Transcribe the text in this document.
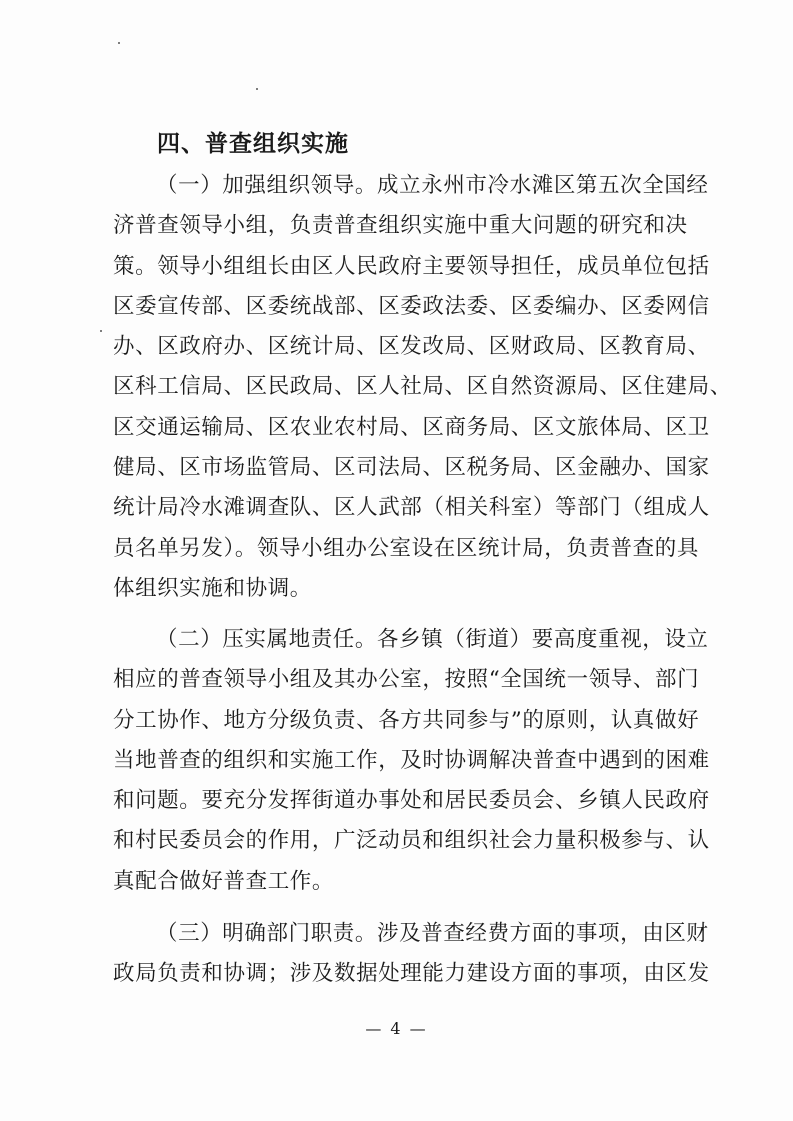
四、普查组织实施
（一）加强组织领导。成立永州市冷水滩区第五次全国经
济普查领导小组，负责普查组织实施中重大问题的研究和决
策。领导小组组长由区人民政府主要领导担任，成员单位包括
区委宣传部、区委统战部、区委政法委、区委编办、区委网信
办、区政府办、区统计局、区发改局、区财政局、区教育局、
区科工信局、区民政局、区人社局、区自然资源局、区住建局、
区交通运输局、区农业农村局、区商务局、区文旅体局、区卫
健局、区市场监管局、区司法局、区税务局、区金融办、国家
统计局冷水滩调查队、区人武部（相关科室）等部门（组成人
员名单另发）。领导小组办公室设在区统计局，负责普查的具
体组织实施和协调。
（二）压实属地责任。各乡镇（街道）要高度重视，设立
相应的普查领导小组及其办公室，按照“全国统一领导、部门
分工协作、地方分级负责、各方共同参与”的原则，认真做好
当地普查的组织和实施工作，及时协调解决普查中遇到的困难
和问题。要充分发挥街道办事处和居民委员会、乡镇人民政府
和村民委员会的作用，广泛动员和组织社会力量积极参与、认
真配合做好普查工作。
（三）明确部门职责。涉及普查经费方面的事项，由区财
政局负责和协调；涉及数据处理能力建设方面的事项，由区发

— 4 —
